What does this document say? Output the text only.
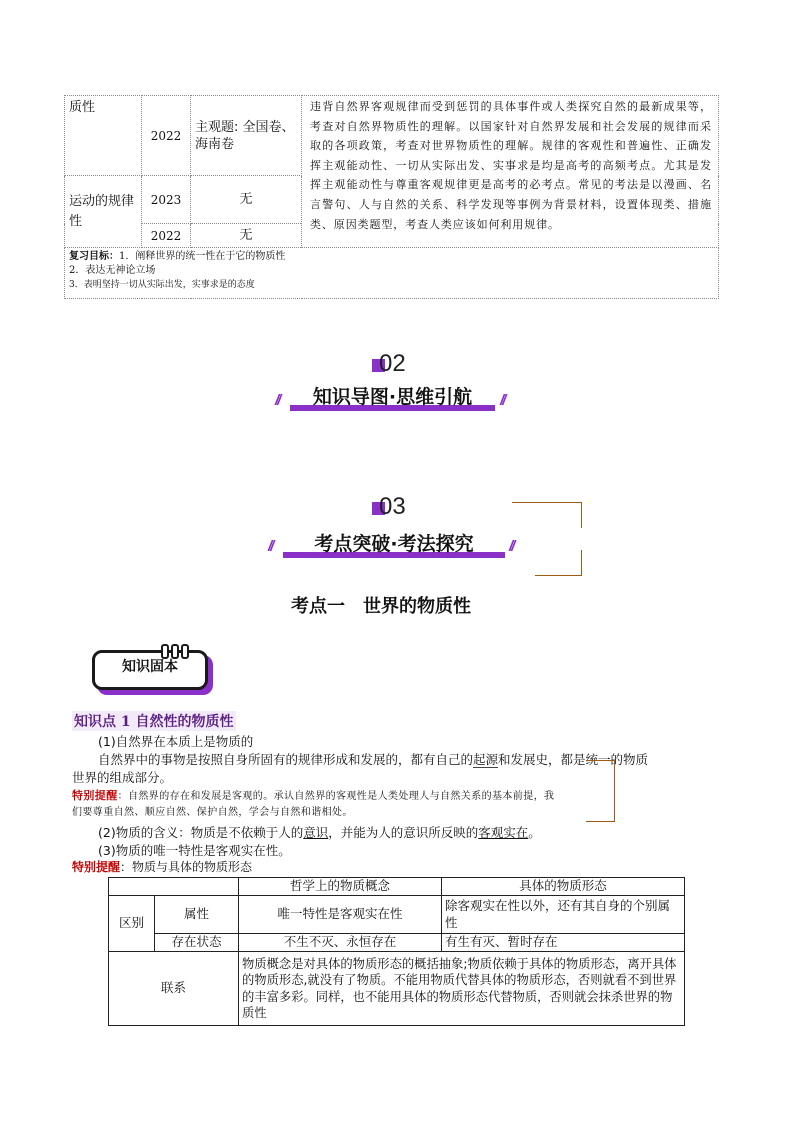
质性	2022	主观题: 全国卷、海南卷	违背自然界客观规律而受到惩罚的具体事件或人类探究自然的最新成果等，考查对自然界物质性的理解。以国家针对自然界发展和社会发展的规律而采取的各项政策，考查对世界物质性的理解。规律的客观性和普遍性、正确发挥主观能动性、一切从实际出发、实事求是均是高考的高频考点。尤其是发挥主观能动性与尊重客观规律更是高考的必考点。常见的考法是以漫画、名言警句、人与自然的关系、科学发现等事例为背景材料，设置体现类、措施类、原因类题型，考查人类应该如何利用规律。
运动的规律性	2023	无	
	2022	无	

复习目标：1．阐释世界的统一性在于它的物质性
2．表达无神论立场
3．表明坚持一切从实际出发，实事求是的态度			
02
//	知识导图·思维引航	//
03
//	考点突破·考法探究	//
考点一　世界的物质性
知识固本
知识点 1 自然性的物质性
(1)自然界在本质上是物质的
自然界中的事物是按照自身所固有的规律形成和发展的，都有自己的起源和发展史，都是统一的物质
世界的组成部分。
特别提醒：自然界的存在和发展是客观的。承认自然界的客观性是人类处理人与自然关系的基本前提，我
们要尊重自然、顺应自然、保护自然，学会与自然和谐相处。
(2)物质的含义：物质是不依赖于人的意识，并能为人的意识所反映的客观实在。
(3)物质的唯一特性是客观实在性。
特别提醒：物质与具体的物质形态
		哲学上的物质概念	具体的物质形态
区别	属性	唯一特性是客观实在性	除客观实在性以外，还有其自身的个别属性
	存在状态	不生不灭、永恒存在	有生有灭、暂时存在
联系		物质概念是对具体的物质形态的概括抽象;物质依赖于具体的物质形态，离开具体的物质形态,就没有了物质。不能用物质代替具体的物质形态，否则就看不到世界的丰富多彩。同样，也不能用具体的物质形态代替物质，否则就会抹杀世界的物质性	
